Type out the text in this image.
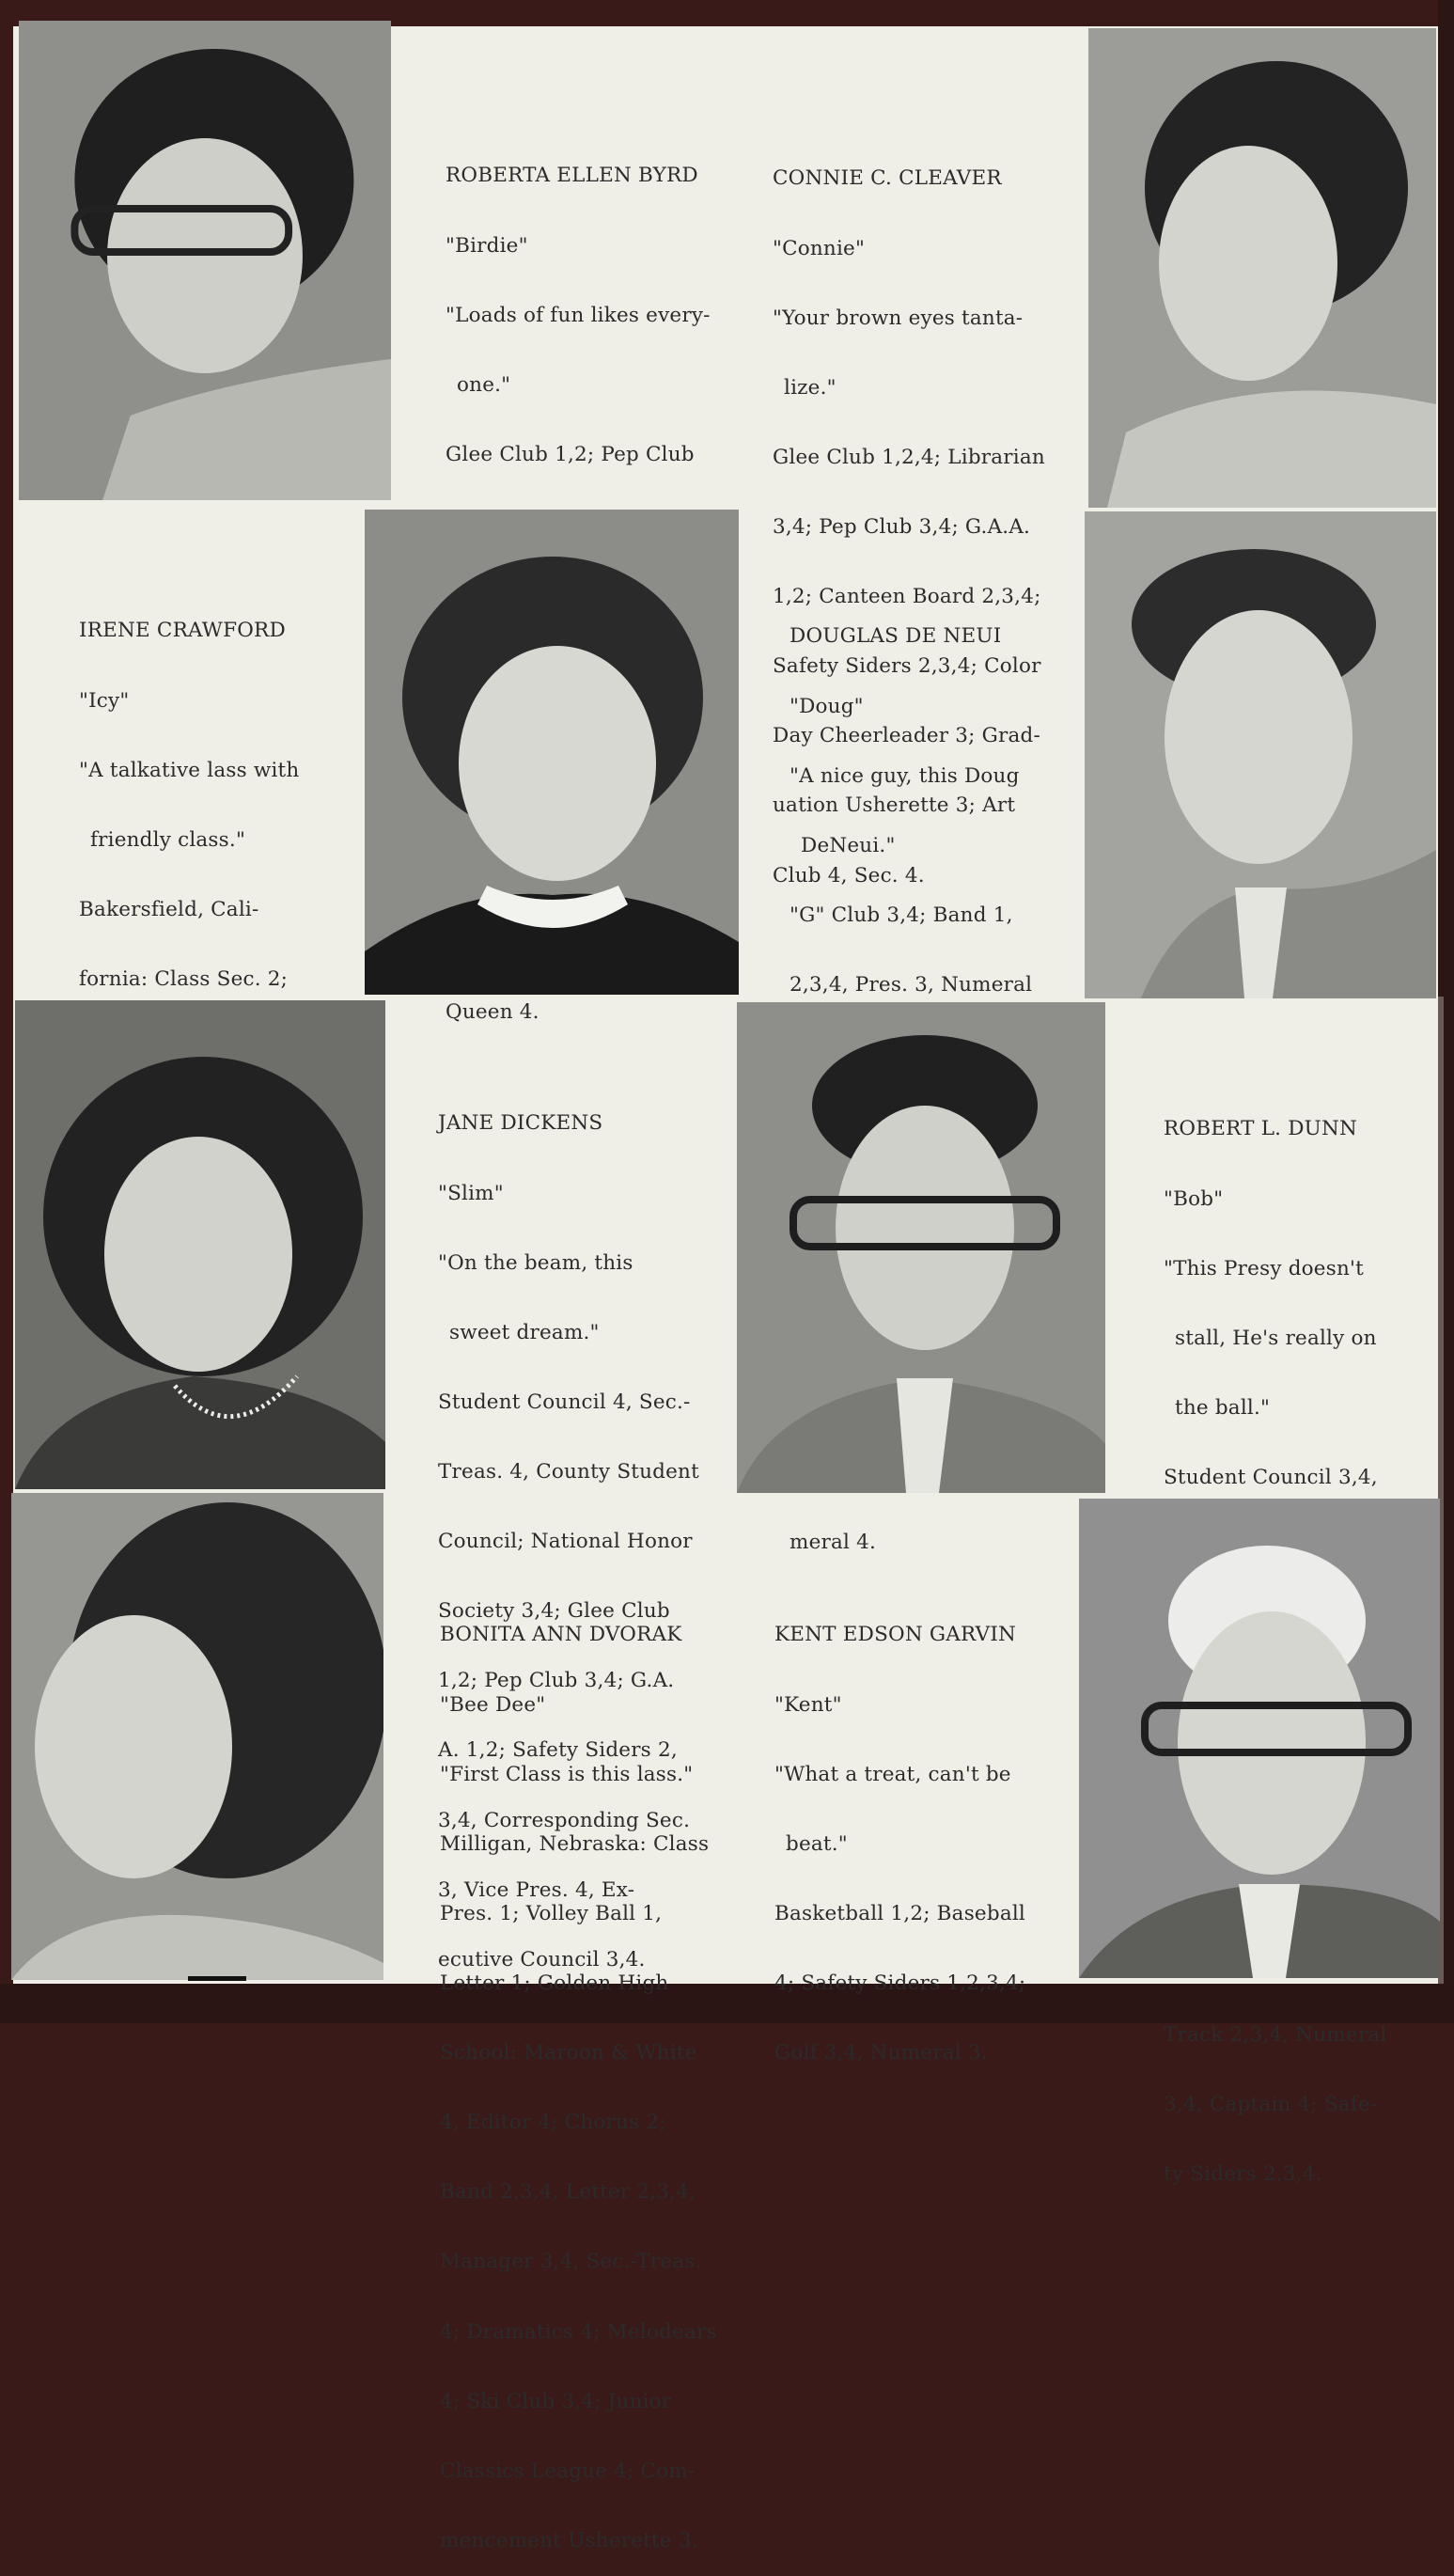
ROBERTA ELLEN BYRD

"Birdie"

"Loads of fun likes every-

one."

Glee Club 1,2; Pep Club

Queen 4.

CONNIE C. CLEAVER

"Connie"

"Your brown eyes tanta-

lize."

Glee Club 1,2,4; Librarian

3,4; Pep Club 3,4; G.A.A.

1,2; Canteen Board 2,3,4;

Safety Siders 2,3,4; Color

Day Cheerleader 3; Grad-

uation Usherette 3; Art

Club 4, Sec. 4.

IRENE CRAWFORD

"Icy"

"A talkative lass with

friendly class."

Bakersfield, Cali-

fornia: Class Sec. 2;

DOUGLAS DE NEUI

"Doug"

"A nice guy, this Doug

DeNeui."

"G" Club 3,4; Band 1,

2,3,4, Pres. 3, Numeral

meral 4.

JANE DICKENS

"Slim"

"On the beam, this

sweet dream."

Student Council 4, Sec.-

Treas. 4, County Student

Council; National Honor

Society 3,4; Glee Club

1,2; Pep Club 3,4; G.A.

A. 1,2; Safety Siders 2,

3,4, Corresponding Sec.

3, Vice Pres. 4, Ex-

ecutive Council 3,4.

ROBERT L. DUNN

"Bob"

"This Presy doesn't

stall, He's really on

the ball."

Student Council 3,4,

Track 2,3,4, Numeral

3,4, Captain 4; Safe-

ty Siders 2,3,4.

BONITA ANN DVORAK

"Bee Dee"

"First Class is this lass."

Milligan, Nebraska: Class

Pres. 1; Volley Ball 1,

Letter 1; Golden High

School: Maroon & White

4, Editor 4; Chorus 2;

Band 2,3,4, Letter 2,3,4,

Manager 3,4, Sec.-Treas.

4; Dramatics 4; Melodears

4; Ski Club 3,4; Junior

Classics League 4; Com-

mencement Usherette 3.

KENT EDSON GARVIN

"Kent"

"What a treat, can't be

beat."

Basketball 1,2; Baseball

4; Safety Siders 1,2,3,4;

Golf 3,4, Numeral 3.
